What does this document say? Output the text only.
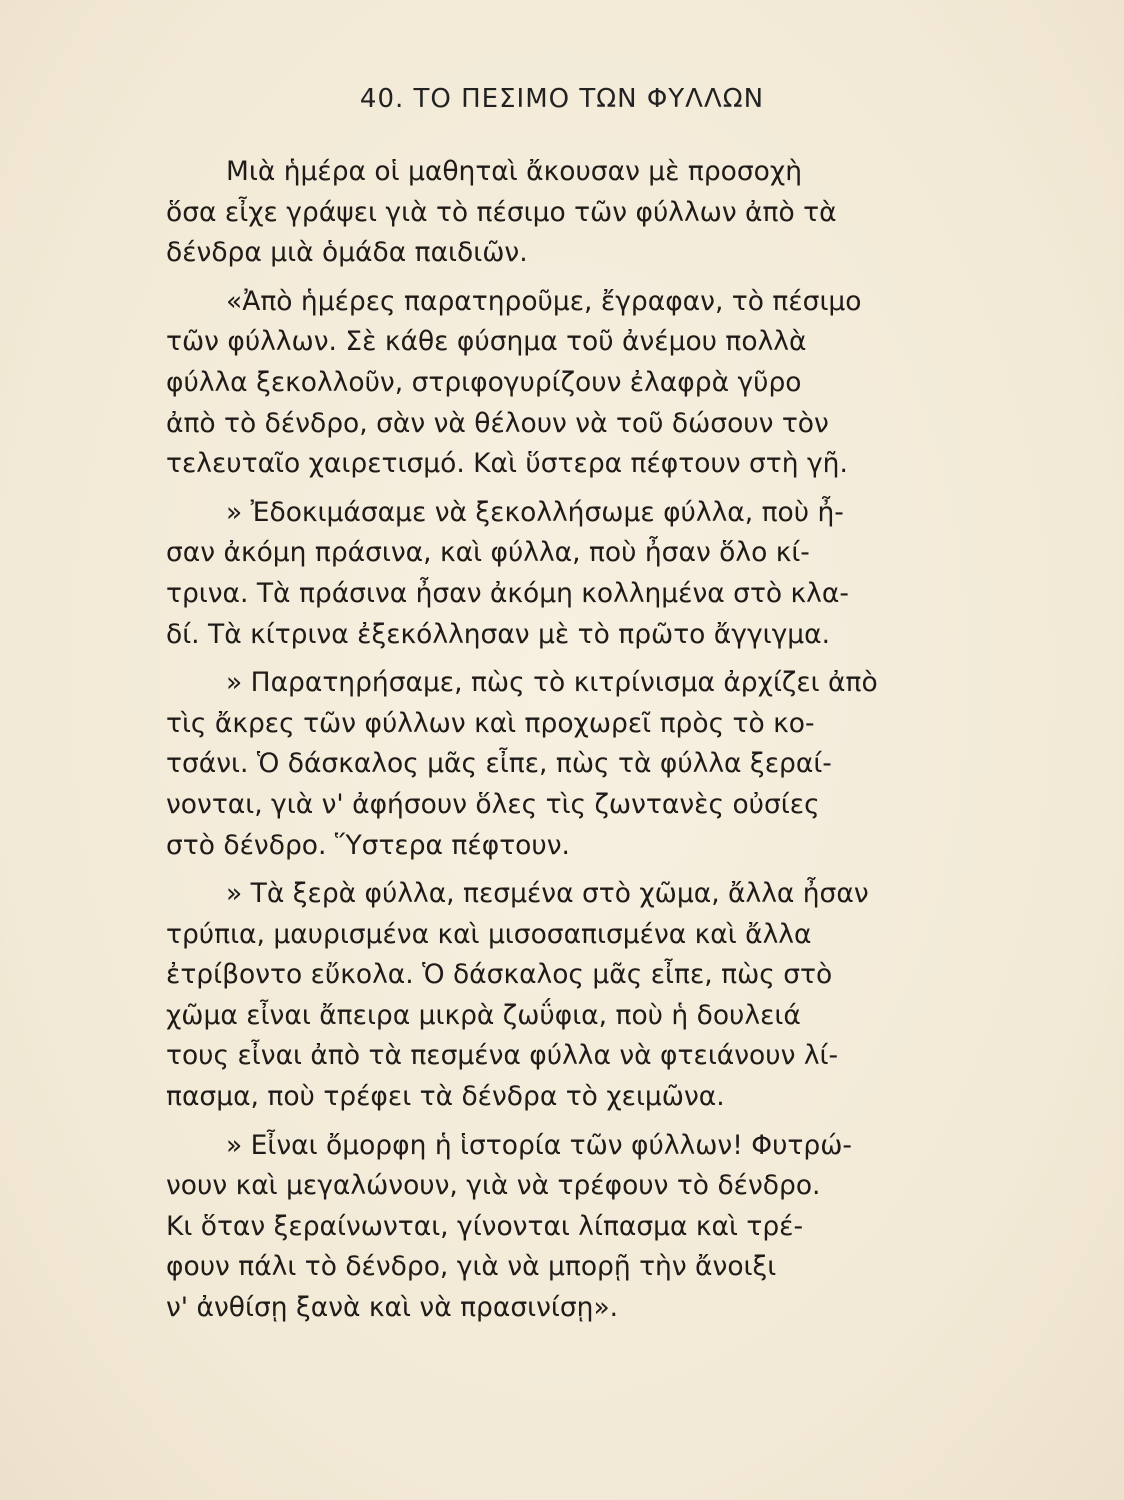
40. ΤΟ ΠΕΣΙΜΟ ΤΩΝ ΦΥΛΛΩΝ
Μιὰ ἡμέρα οἱ μαθηταὶ ἄκουσαν μὲ προσοχὴ
ὅσα εἶχε γράψει γιὰ τὸ πέσιμο τῶν φύλλων ἀπὸ τὰ
δένδρα μιὰ ὁμάδα παιδιῶν.
«Ἀπὸ ἡμέρες παρατηροῦμε, ἔγραφαν, τὸ πέσιμο
τῶν φύλλων. Σὲ κάθε φύσημα τοῦ ἀνέμου πολλὰ
φύλλα ξεκολλοῦν, στριφογυρίζουν ἐλαφρὰ γῦρο
ἀπὸ τὸ δένδρο, σὰν νὰ θέλουν νὰ τοῦ δώσουν τὸν
τελευταῖο χαιρετισμό. Καὶ ὕστερα πέφτουν στὴ γῆ.
» Ἐδοκιμάσαμε νὰ ξεκολλήσωμε φύλλα, ποὺ ἦ-
σαν ἀκόμη πράσινα, καὶ φύλλα, ποὺ ἦσαν ὅλο κί-
τρινα. Τὰ πράσινα ἦσαν ἀκόμη κολλημένα στὸ κλα-
δί. Τὰ κίτρινα ἐξεκόλλησαν μὲ τὸ πρῶτο ἄγγιγμα.
» Παρατηρήσαμε, πὼς τὸ κιτρίνισμα ἀρχίζει ἀπὸ
τὶς ἄκρες τῶν φύλλων καὶ προχωρεῖ πρὸς τὸ κο-
τσάνι. Ὁ δάσκαλος μᾶς εἶπε, πὼς τὰ φύλλα ξεραί-
νονται, γιὰ ν' ἀφήσουν ὅλες τὶς ζωντανὲς οὐσίες
στὸ δένδρο. Ὕστερα πέφτουν.
» Τὰ ξερὰ φύλλα, πεσμένα στὸ χῶμα, ἄλλα ἦσαν
τρύπια, μαυρισμένα καὶ μισοσαπισμένα καὶ ἄλλα
ἐτρίβοντο εὔκολα. Ὁ δάσκαλος μᾶς εἶπε, πὼς στὸ
χῶμα εἶναι ἄπειρα μικρὰ ζωΰφια, ποὺ ἡ δουλειά
τους εἶναι ἀπὸ τὰ πεσμένα φύλλα νὰ φτειάνουν λί-
πασμα, ποὺ τρέφει τὰ δένδρα τὸ χειμῶνα.
» Εἶναι ὄμορφη ἡ ἱστορία τῶν φύλλων! Φυτρώ-
νουν καὶ μεγαλώνουν, γιὰ νὰ τρέφουν τὸ δένδρο.
Κι ὅταν ξεραίνωνται, γίνονται λίπασμα καὶ τρέ-
φουν πάλι τὸ δένδρο, γιὰ νὰ μπορῇ τὴν ἄνοιξι
ν' ἀνθίσῃ ξανὰ καὶ νὰ πρασινίσῃ».
